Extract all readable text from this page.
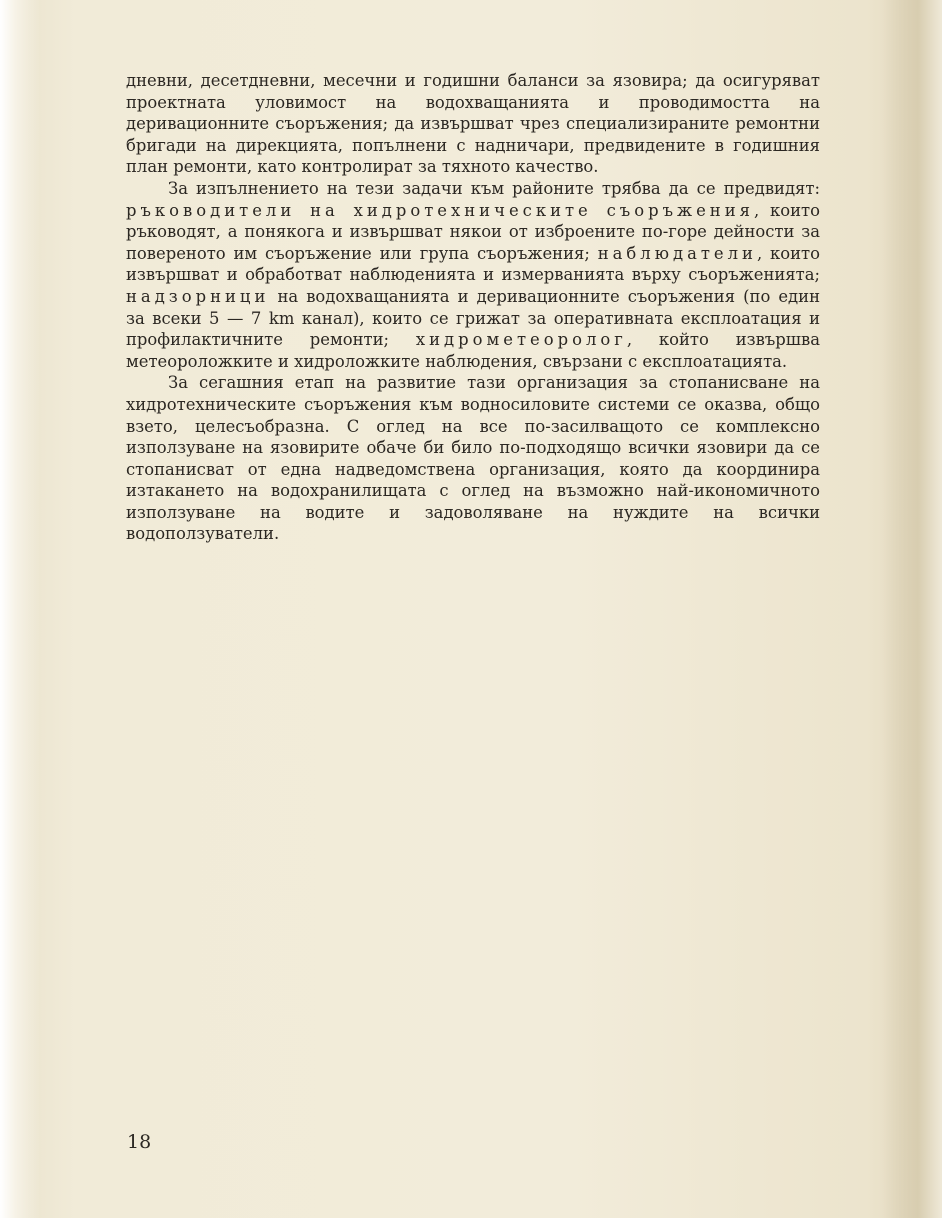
дневни, десетдневни, месечни и годишни баланси за язовира; да осигуряват проектната уловимост на водохващанията и проводимостта на деривационните съоръжения; да извършват чрез специализираните ремонтни бригади на дирекцията, попълнени с надничари, предвидените в годишния план ремонти, като контролират за тяхното качество.

За изпълнението на тези задачи към районите трябва да се предвидят: ръководители на хидротехническите съоръжения, които ръководят, а понякога и извършват някои от изброените по-горе дейности за повереното им съоръжение или група съоръжения; наблюдатели, които извършват и обработват наблюденията и измерванията върху съоръженията; надзорници на водохващанията и деривационните съоръжения (по един за всеки 5 — 7 km канал), които се грижат за оперативната експлоатация и профилактичните ремонти; хидрометеоролог, който извършва метеороложките и хидроложките наблюдения, свързани с експлоатацията.

За сегашния етап на развитие тази организация за стопанисване на хидротехническите съоръжения към водносиловите системи се оказва, общо взето, целесъобразна. С оглед на все по-засилващото се комплексно използуване на язовирите обаче би било по-подходящо всички язовири да се стопанисват от една надведомствена организация, която да координира изтакането на водохранилищата с оглед на възможно най-икономичното използуване на водите и задоволяване на нуждите на всички водоползуватели.

18
